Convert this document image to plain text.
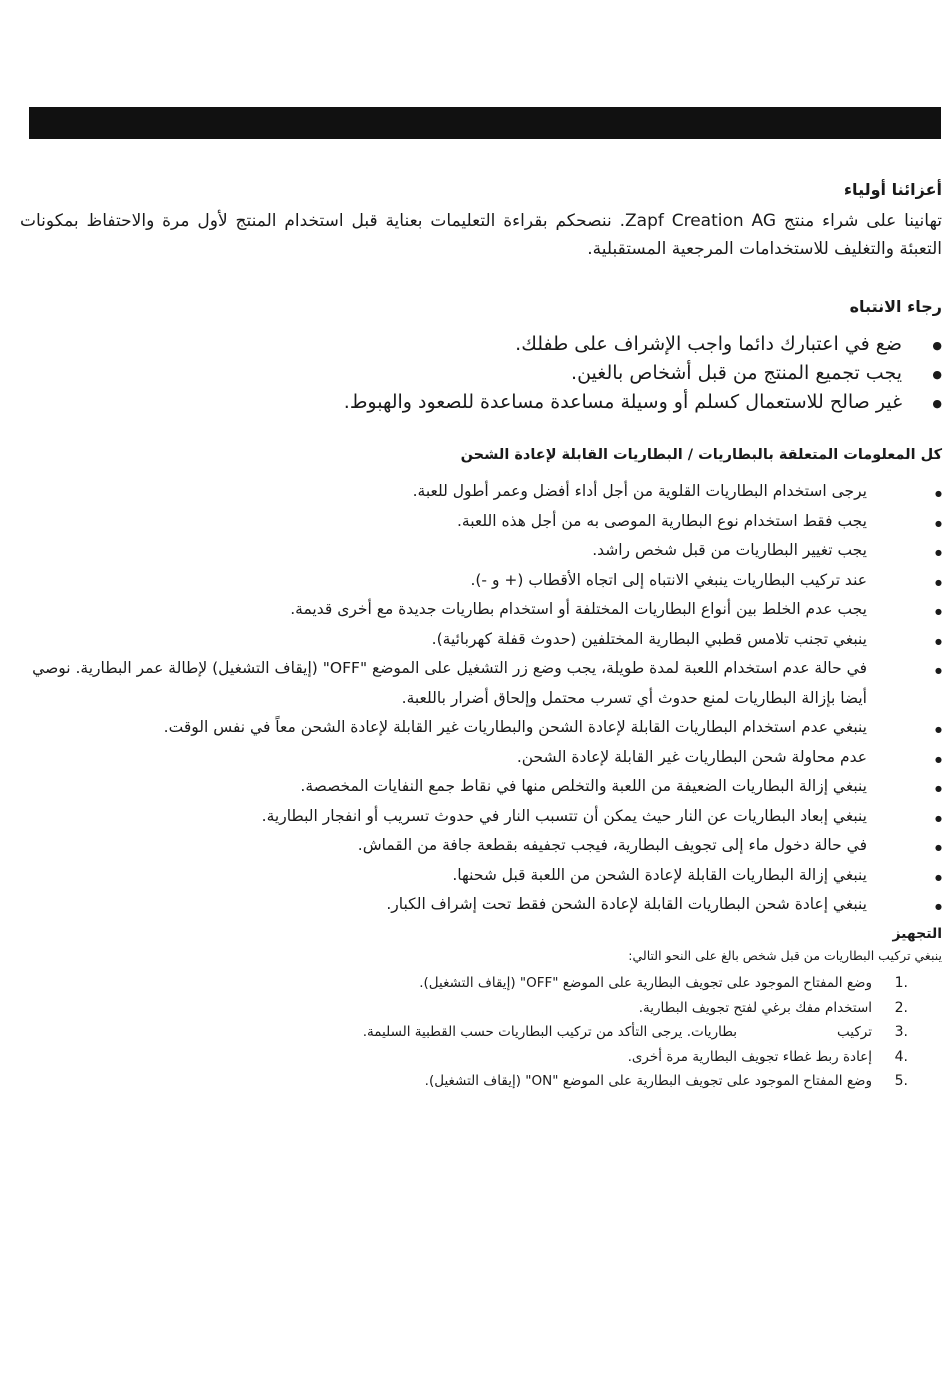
أعزائنا أولياء

تهانينا على شراء منتج Zapf Creation AG. ننصحكم بقراءة التعليمات بعناية قبل استخدام المنتج لأول مرة والاحتفاظ بمكونات التعبئة والتغليف للاستخدامات المرجعية المستقبلية.

رجاء الانتباه
● ضع في اعتبارك دائما واجب الإشراف على طفلك.
● يجب تجميع المنتج من قبل أشخاص بالغين.
● غير صالح للاستعمال كسلم أو وسيلة مساعدة مساعدة للصعود والهبوط.
كل المعلومات المتعلقة بالبطاريات / البطاريات القابلة لإعادة الشحن
● يرجى استخدام البطاريات القلوية من أجل أداء أفضل وعمر أطول للعبة.
● يجب فقط استخدام نوع البطارية الموصى به من أجل هذه اللعبة.
● يجب تغيير البطاريات من قبل شخص راشد.
● عند تركيب البطاريات ينبغي الانتباه إلى اتجاه الأقطاب (+ و -).
● يجب عدم الخلط بين أنواع البطاريات المختلفة أو استخدام بطاريات جديدة مع أخرى قديمة.
● ينبغي تجنب تلامس قطبي البطارية المختلفين (حدوث قفلة كهربائية).
● في حالة عدم استخدام اللعبة لمدة طويلة، يجب وضع زر التشغيل على الموضع "OFF" (إيقاف التشغيل) لإطالة عمر البطارية. نوصي أيضا بإزالة البطاريات لمنع حدوث أي تسرب محتمل وإلحاق أضرار باللعبة.
● ينبغي عدم استخدام البطاريات القابلة لإعادة الشحن والبطاريات غير القابلة لإعادة الشحن معاً في نفس الوقت.
● عدم محاولة شحن البطاريات غير القابلة لإعادة الشحن.
● ينبغي إزالة البطاريات الضعيفة من اللعبة والتخلص منها في نقاط جمع النفايات المخصصة.
● ينبغي إبعاد البطاريات عن النار حيث يمكن أن تتسبب النار في حدوث تسريب أو انفجار البطارية.
● في حالة دخول ماء إلى تجويف البطارية، فيجب تجفيفه بقطعة جافة من القماش.
● ينبغي إزالة البطاريات القابلة لإعادة الشحن من اللعبة قبل شحنها.
● ينبغي إعادة شحن البطاريات القابلة لإعادة الشحن فقط تحت إشراف الكبار.
التجهيز

ينبغي تركيب البطاريات من قبل شخص بالغ على النحو التالي:

1.
وضع المفتاح الموجود على تجويف البطارية على الموضع "OFF" (إيقاف التشغيل).
2.
استخدام مفك برغي لفتح تجويف البطارية.
3.
تركيببطاريات. يرجى التأكد من تركيب البطاريات حسب القطبية السليمة.
4.
إعادة ربط غطاء تجويف البطارية مرة أخرى.
5.
وضع المفتاح الموجود على تجويف البطارية على الموضع "ON" (إيقاف التشغيل).
